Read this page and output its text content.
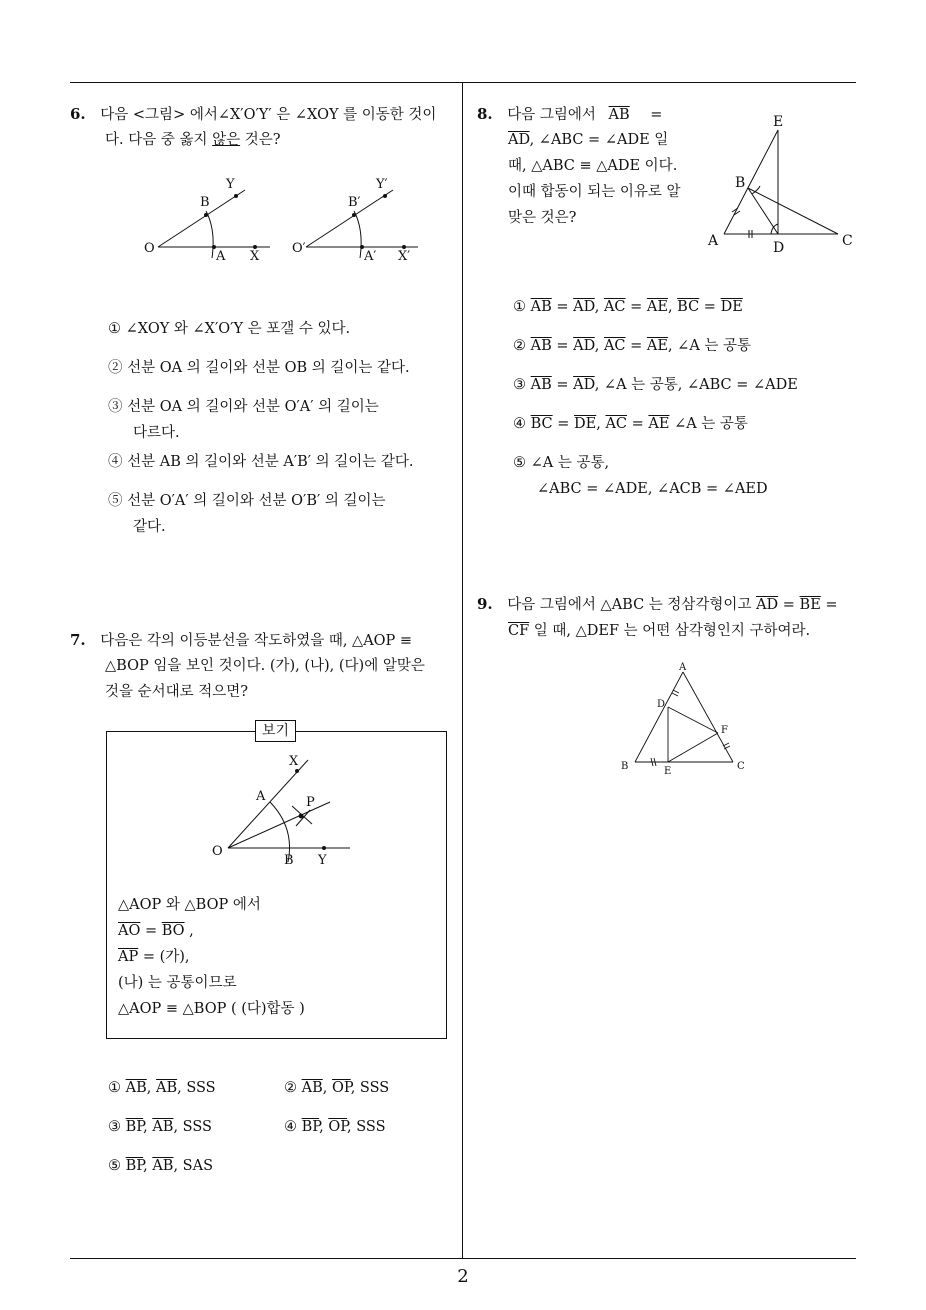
6. 다음 <그림> 에서∠X′O′Y′ 은 ∠XOY 를 이동한 것이
다. 다음 중 옳지 않은 것은?
O
B
Y
A X
O′
B′
Y′
A′ X′
① ∠XOY 와 ∠X′O′Y 은 포갤 수 있다.
② 선분 OA 의 길이와 선분 OB 의 길이는 같다.
③ 선분 OA 의 길이와 선분 O′A′ 의 길이는
다르다.
④ 선분 AB 의 길이와 선분 A′B′ 의 길이는 같다.
⑤ 선분 O′A′ 의 길이와 선분 O′B′ 의 길이는
같다.
7. 다음은 각의 이등분선을 작도하였을 때, △AOP ≡
△BOP 임을 보인 것이다. (가), (나), (다)에 알맞은
것을 순서대로 적으면?
보기
O
A
X
P
B Y
△AOP 와 △BOP 에서
$\overline{AO} = \overline{BO}$ ,
$\overline{AP}$ = (가),
(나) 는 공통이므로
△AOP ≡ △BOP ( (다)합동 )
① $\overline{AB}$, $\overline{AB}$, SSS	② $\overline{AB}$, $\overline{OP}$, SSS
③ $\overline{BP}$, $\overline{AB}$, SSS	④ $\overline{BP}$, $\overline{OP}$, SSS
⑤ $\overline{BP}$, $\overline{AB}$, SAS
8. 다음 그림에서 $\overline{AB}$ =
$\overline{AD}$, ∠ABC = ∠ADE 일
때, △ABC ≡ △ADE 이다.
이때 합동이 되는 이유로 알
맞은 것은?
E
B
A	D	C
① $\overline{AB} = \overline{AD}$, $\overline{AC} = \overline{AE}$, $\overline{BC} = \overline{DE}$
② $\overline{AB} = \overline{AD}$, $\overline{AC} = \overline{AE}$, ∠A 는 공통
③ $\overline{AB} = \overline{AD}$, ∠A 는 공통, ∠ABC = ∠ADE
④ $\overline{BC} = \overline{DE}$, $\overline{AC} = \overline{AE}$ ∠A 는 공통
⑤ ∠A 는 공통,
∠ABC = ∠ADE, ∠ACB = ∠AED
9. 다음 그림에서 △ABC 는 정삼각형이고 $\overline{AD} = \overline{BE}$ =
$\overline{CF}$ 일 때, △DEF 는 어떤 삼각형인지 구하여라.
A
D
F
B	E	C
2
